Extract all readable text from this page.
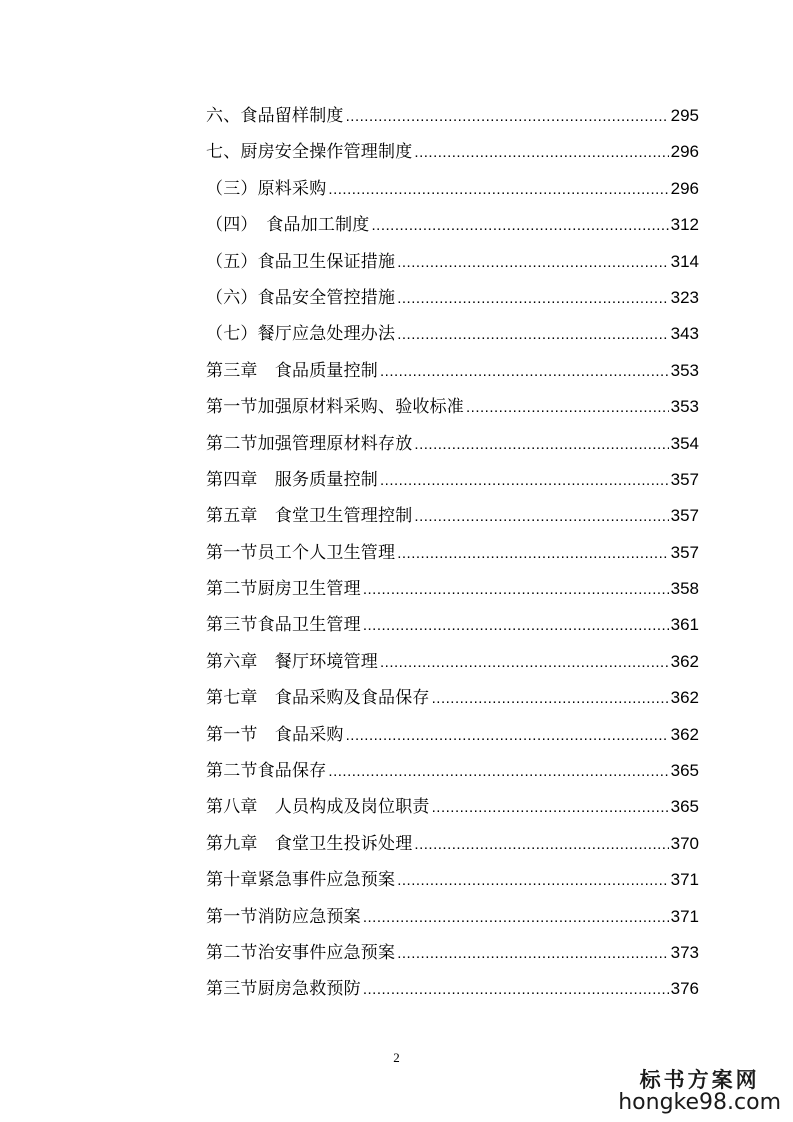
六、食品留样制度 .....	295
七、厨房安全操作管理制度 .....	296
（三）原料采购 .....	296
（四）　食品加工制度 .....	312
（五）食品卫生保证措施 .....	314
（六）食品安全管控措施 .....	323
（七）餐厅应急处理办法 .....	343
第三章　食品质量控制 .....	353
第一节加强原材料采购、验收标准 .....	353
第二节加强管理原材料存放 .....	354
第四章　服务质量控制 .....	357
第五章　食堂卫生管理控制 .....	357
第一节员工个人卫生管理 .....	357
第二节厨房卫生管理 .....	358
第三节食品卫生管理 .....	361
第六章　餐厅环境管理 .....	362
第七章　食品采购及食品保存 .....	362
第一节　食品采购 .....	362
第二节食品保存 .....	365
第八章　人员构成及岗位职责 .....	365
第九章　食堂卫生投诉处理 .....	370
第十章紧急事件应急预案 .....	371
第一节消防应急预案 .....	371
第二节治安事件应急预案 .....	373
第三节厨房急救预防 .....	376
2
标书方案网
hongke98.com
